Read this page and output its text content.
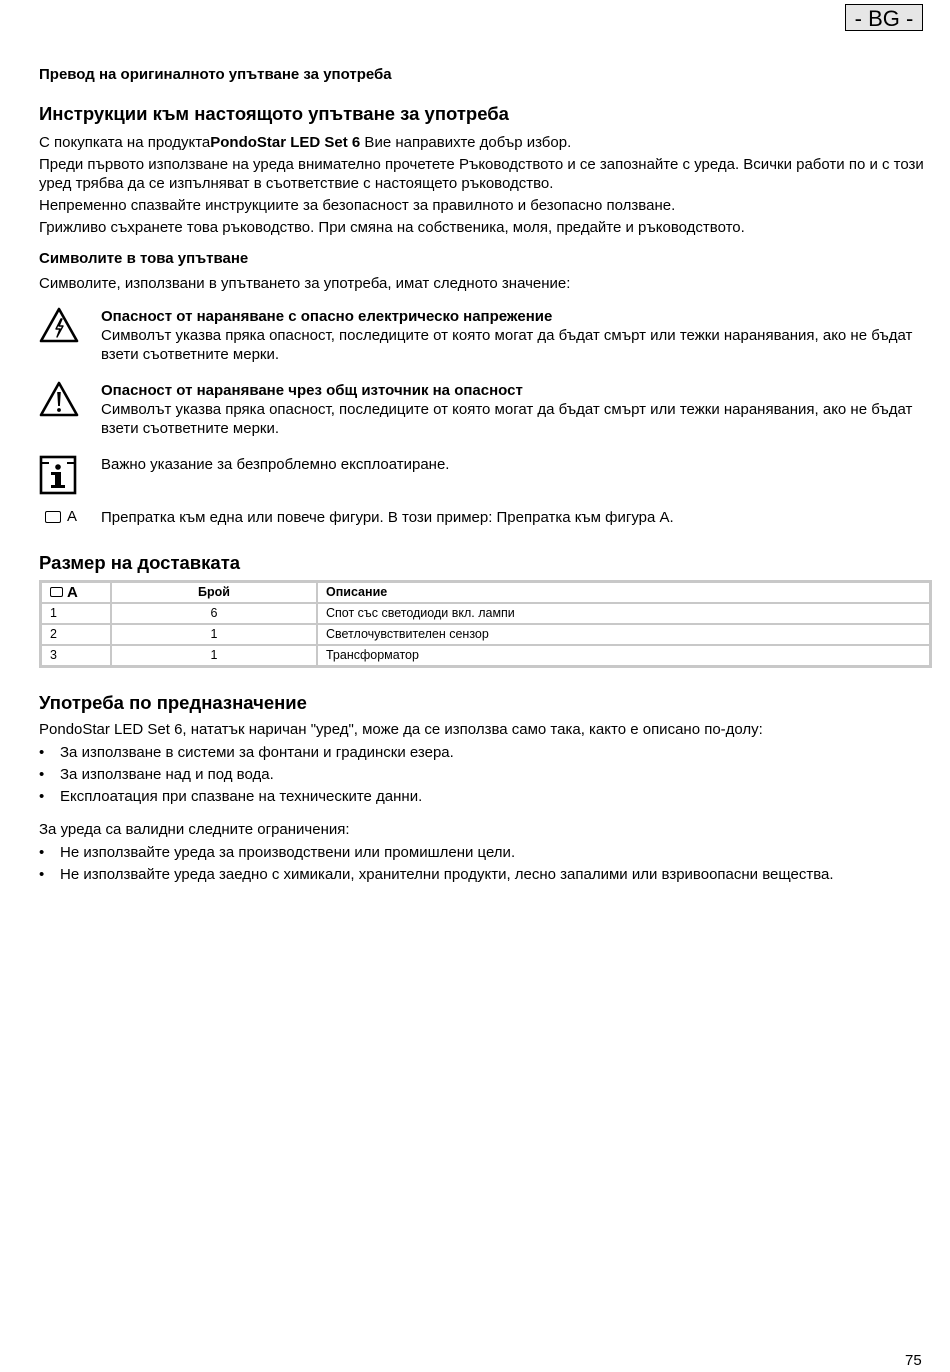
- BG -
Превод на оригиналното упътване за употреба
Инструкции към настоящото упътване за употреба

С покупката на продуктаPondoStar LED Set 6 Вие направихте добър избор.

Преди първото използване на уреда внимателно прочетете Ръководството и се запознайте с уреда. Всички работи по и с този уред трябва да се изпълняват в съответствие с настоящето ръководство.

Непременно спазвайте инструкциите за безопасност за правилното и безопасно ползване.

Грижливо съхранете това ръководство. При смяна на собственика, моля, предайте и ръководството.

Символите в това упътване

Символите, използвани в упътването за употреба, имат следното значение:

Опасност от нараняване с опасно електрическо напрежение
Символът указва пряка опасност, последиците от която могат да бъдат смърт или тежки наранявания, ако не бъдат взети съответните мерки.
Опасност от нараняване чрез общ източник на опасност
Символът указва пряка опасност, последиците от която могат да бъдат смърт или тежки наранявания, ако не бъдат взети съответните мерки.
Важно указание за безпроблемно експлоатиране.
A Препратка към една или повече фигури. В този пример: Препратка към фигура A.
Размер на доставката
A	Брой	Описание
1	6	Спот със светодиоди вкл. лампи
2	1	Светлочувствителен сензор
3	1	Трансформатор
Употреба по предназначение

PondoStar LED Set 6, нататък наричан "уред", може да се използва само така, както е описано по-долу:

• За използване в системи за фонтани и градински езера.
• За използване над и под вода.
• Експлоатация при спазване на техническите данни.

За уреда са валидни следните ограничения:

• Не използвайте уреда за производствени или промишлени цели.
• Не използвайте уреда заедно с химикали, хранителни продукти, лесно запалими или взривоопасни вещества.
75
